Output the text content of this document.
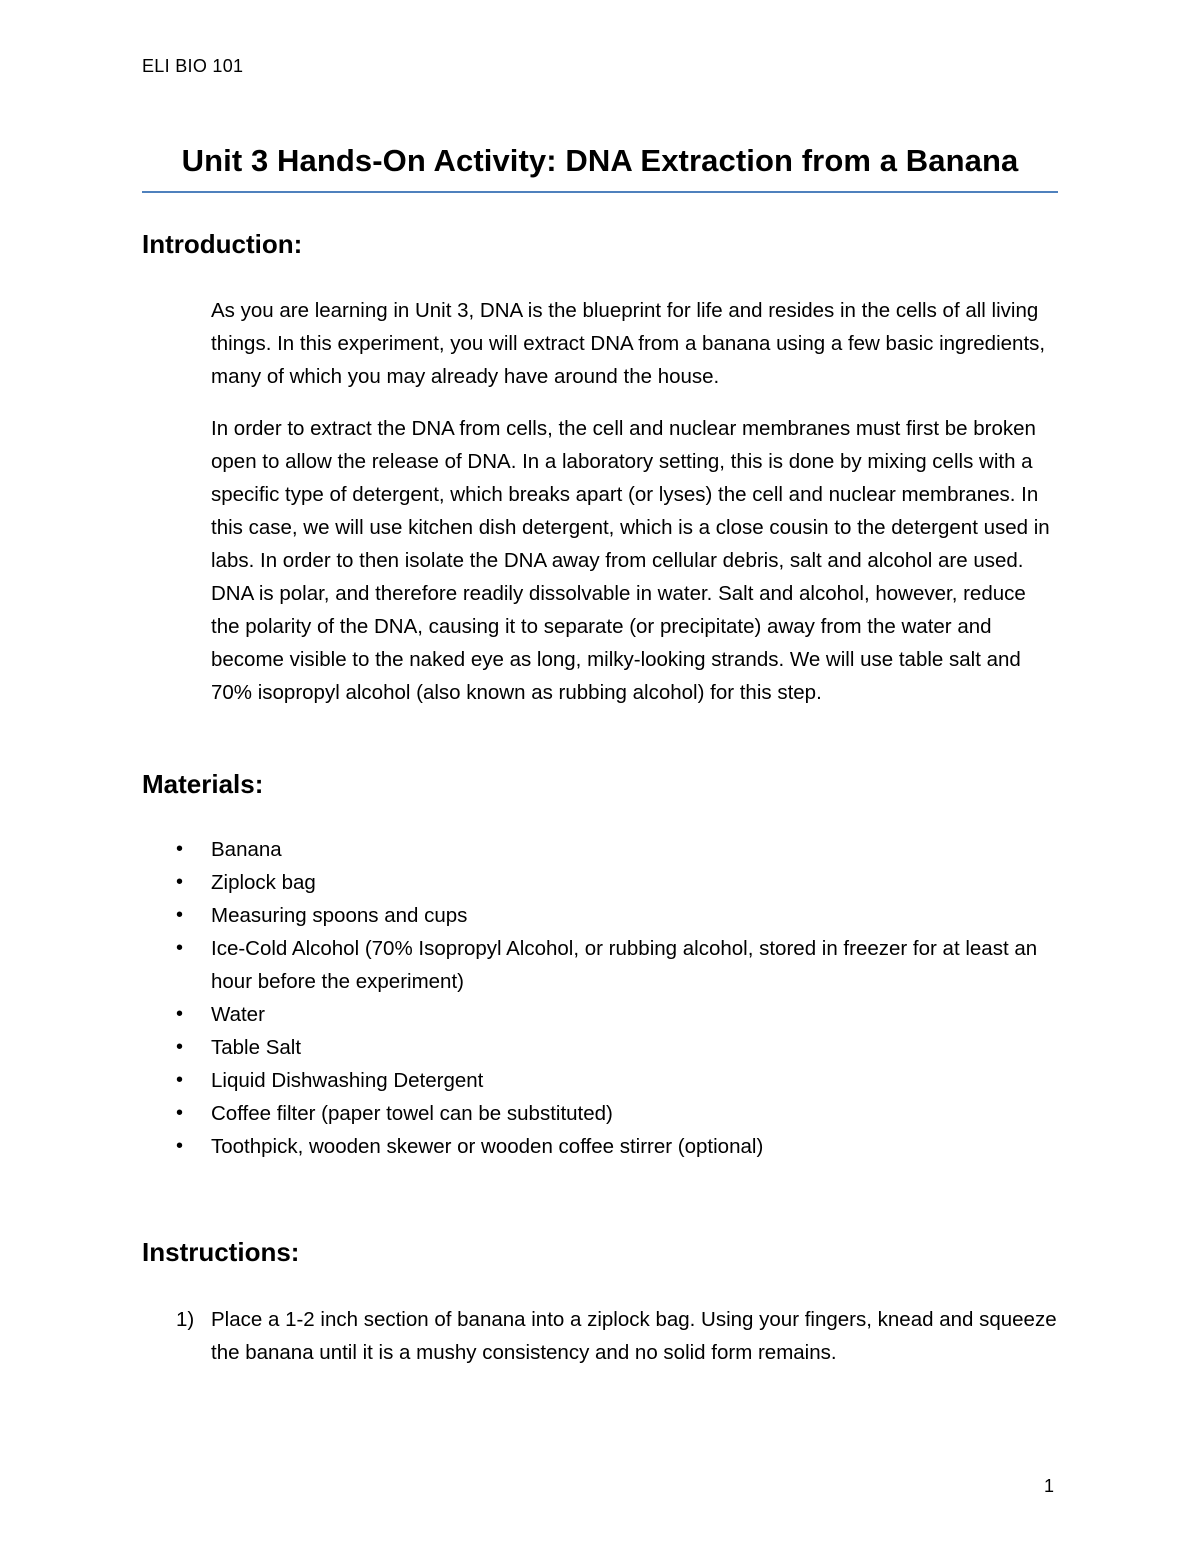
ELI BIO 101
Unit 3 Hands-On Activity: DNA Extraction from a Banana
Introduction:

As you are learning in Unit 3, DNA is the blueprint for life and resides in the cells of all living things. In this experiment, you will extract DNA from a banana using a few basic ingredients, many of which you may already have around the house.

In order to extract the DNA from cells, the cell and nuclear membranes must first be broken open to allow the release of DNA. In a laboratory setting, this is done by mixing cells with a specific type of detergent, which breaks apart (or lyses) the cell and nuclear membranes. In this case, we will use kitchen dish detergent, which is a close cousin to the detergent used in labs. In order to then isolate the DNA away from cellular debris, salt and alcohol are used. DNA is polar, and therefore readily dissolvable in water. Salt and alcohol, however, reduce the polarity of the DNA, causing it to separate (or precipitate) away from the water and become visible to the naked eye as long, milky-looking strands. We will use table salt and 70% isopropyl alcohol (also known as rubbing alcohol) for this step.

Materials:
• Banana
• Ziplock bag
• Measuring spoons and cups
• Ice-Cold Alcohol (70% Isopropyl Alcohol, or rubbing alcohol, stored in freezer for at least an hour before the experiment)
• Water
• Table Salt
• Liquid Dishwashing Detergent
• Coffee filter (paper towel can be substituted)
• Toothpick, wooden skewer or wooden coffee stirrer (optional)
Instructions:
1) Place a 1-2 inch section of banana into a ziplock bag. Using your fingers, knead and squeeze the banana until it is a mushy consistency and no solid form remains.
1
